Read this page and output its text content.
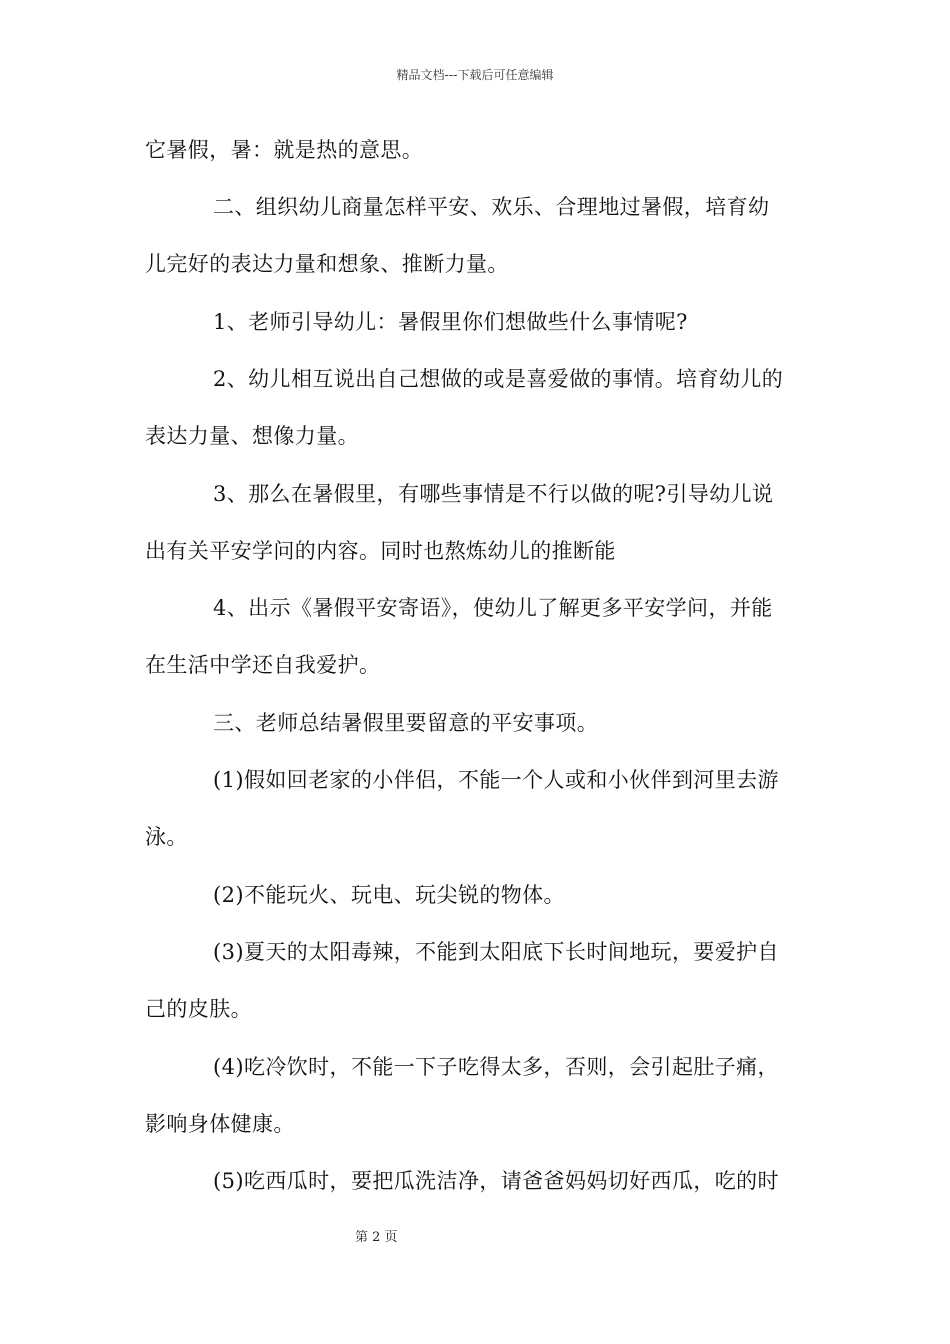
精品文档---下载后可任意编辑
它暑假，暑：就是热的意思。
二、组织幼儿商量怎样平安、欢乐、合理地过暑假，培育幼
儿完好的表达力量和想象、推断力量。
1、老师引导幼儿：暑假里你们想做些什么事情呢?
2、幼儿相互说出自己想做的或是喜爱做的事情。培育幼儿的
表达力量、想像力量。
3、那么在暑假里，有哪些事情是不行以做的呢?引导幼儿说
出有关平安学问的内容。同时也熬炼幼儿的推断能
4、出示《暑假平安寄语》，使幼儿了解更多平安学问，并能
在生活中学还自我爱护。
三、老师总结暑假里要留意的平安事项。
(1)假如回老家的小伴侣，不能一个人或和小伙伴到河里去游
泳。
(2)不能玩火、玩电、玩尖锐的物体。
(3)夏天的太阳毒辣，不能到太阳底下长时间地玩，要爱护自
己的皮肤。
(4)吃冷饮时，不能一下子吃得太多，否则，会引起肚子痛，
影响身体健康。
(5)吃西瓜时，要把瓜洗洁净，请爸爸妈妈切好西瓜，吃的时
第 2 页
